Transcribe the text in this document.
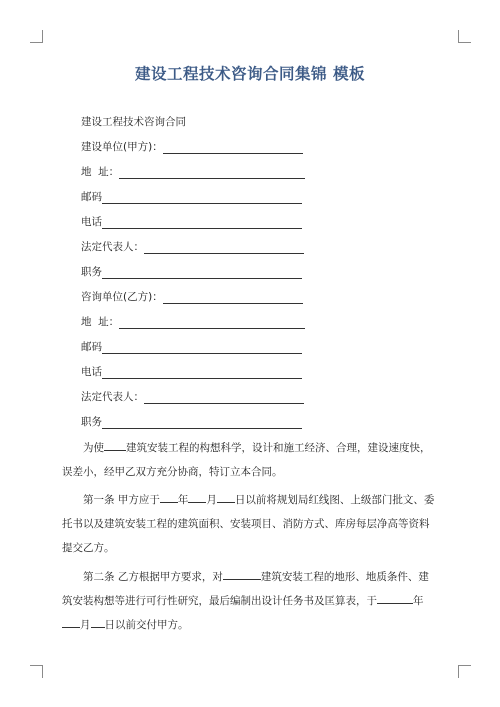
建设工程技术咨询合同集锦 模板
建设工程技术咨询合同
建设单位(甲方)：
地  址：
邮码
电话
法定代表人：
职务
咨询单位(乙方)：
地  址：
邮码
电话
法定代表人：
职务

为使 建筑安装工程的构想科学，设计和施工经济、合理，建设速度快，误差小，经甲乙双方充分协商，特订立本合同。

第一条 甲方应于 年 月 日以前将规划局红线图、上级部门批文、委托书以及建筑安装工程的建筑面积、安装项目、消防方式、库房每层净高等资料提交乙方。

第二条 乙方根据甲方要求，对	建筑安装工程的地形、地质条件、建筑安装构想等进行可行性研究，最后编制出设计任务书及匡算表，于	年月 日以前交付甲方。
